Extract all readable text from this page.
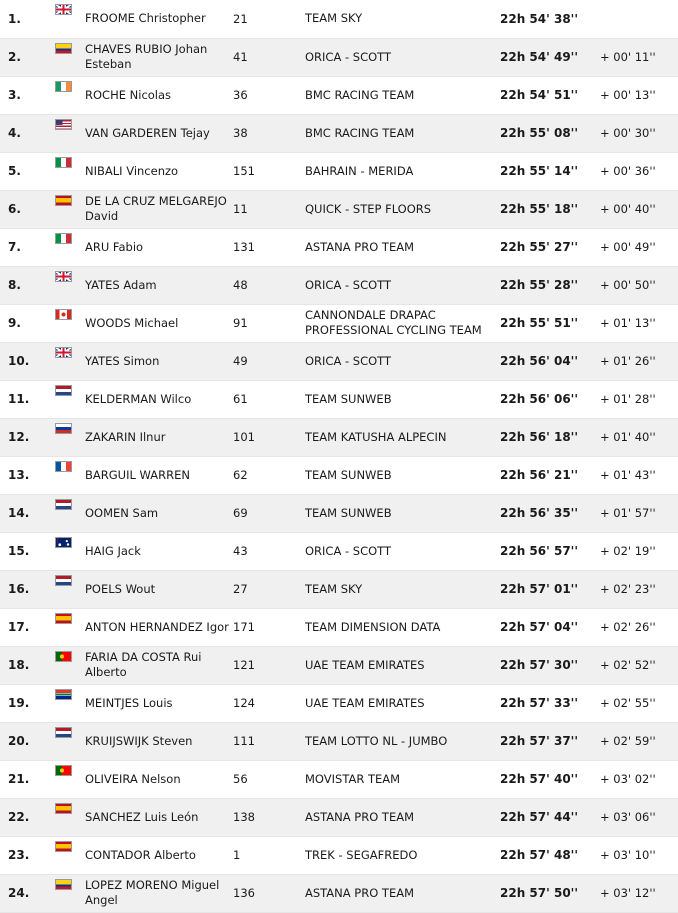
1.	FROOME Christopher	21	TEAM SKY	22h 54' 38''	
2.	CHAVES RUBIO Johan Esteban	41	ORICA - SCOTT	22h 54' 49''	+ 00' 11''
3.	ROCHE Nicolas	36	BMC RACING TEAM	22h 54' 51''	+ 00' 13''
4.	VAN GARDEREN Tejay	38	BMC RACING TEAM	22h 55' 08''	+ 00' 30''
5.	NIBALI Vincenzo	151	BAHRAIN - MERIDA	22h 55' 14''	+ 00' 36''
6.	DE LA CRUZ MELGAREJO David	11	QUICK - STEP FLOORS	22h 55' 18''	+ 00' 40''
7.	ARU Fabio	131	ASTANA PRO TEAM	22h 55' 27''	+ 00' 49''
8.	YATES Adam	48	ORICA - SCOTT	22h 55' 28''	+ 00' 50''
9.	WOODS Michael	91	CANNONDALE DRAPAC PROFESSIONAL CYCLING TEAM	22h 55' 51''	+ 01' 13''
10.	YATES Simon	49	ORICA - SCOTT	22h 56' 04''	+ 01' 26''
11.	KELDERMAN Wilco	61	TEAM SUNWEB	22h 56' 06''	+ 01' 28''
12.	ZAKARIN Ilnur	101	TEAM KATUSHA ALPECIN	22h 56' 18''	+ 01' 40''
13.	BARGUIL WARREN	62	TEAM SUNWEB	22h 56' 21''	+ 01' 43''
14.	OOMEN Sam	69	TEAM SUNWEB	22h 56' 35''	+ 01' 57''
15.	HAIG Jack	43	ORICA - SCOTT	22h 56' 57''	+ 02' 19''
16.	POELS Wout	27	TEAM SKY	22h 57' 01''	+ 02' 23''
17.	ANTON HERNANDEZ Igor	171	TEAM DIMENSION DATA	22h 57' 04''	+ 02' 26''
18.	FARIA DA COSTA Rui Alberto	121	UAE TEAM EMIRATES	22h 57' 30''	+ 02' 52''
19.	MEINTJES Louis	124	UAE TEAM EMIRATES	22h 57' 33''	+ 02' 55''
20.	KRUIJSWIJK Steven	111	TEAM LOTTO NL - JUMBO	22h 57' 37''	+ 02' 59''
21.	OLIVEIRA Nelson	56	MOVISTAR TEAM	22h 57' 40''	+ 03' 02''
22.	SANCHEZ Luis León	138	ASTANA PRO TEAM	22h 57' 44''	+ 03' 06''
23.	CONTADOR Alberto	1	TREK - SEGAFREDO	22h 57' 48''	+ 03' 10''
24.	LOPEZ MORENO Miguel Angel	136	ASTANA PRO TEAM	22h 57' 50''	+ 03' 12''
